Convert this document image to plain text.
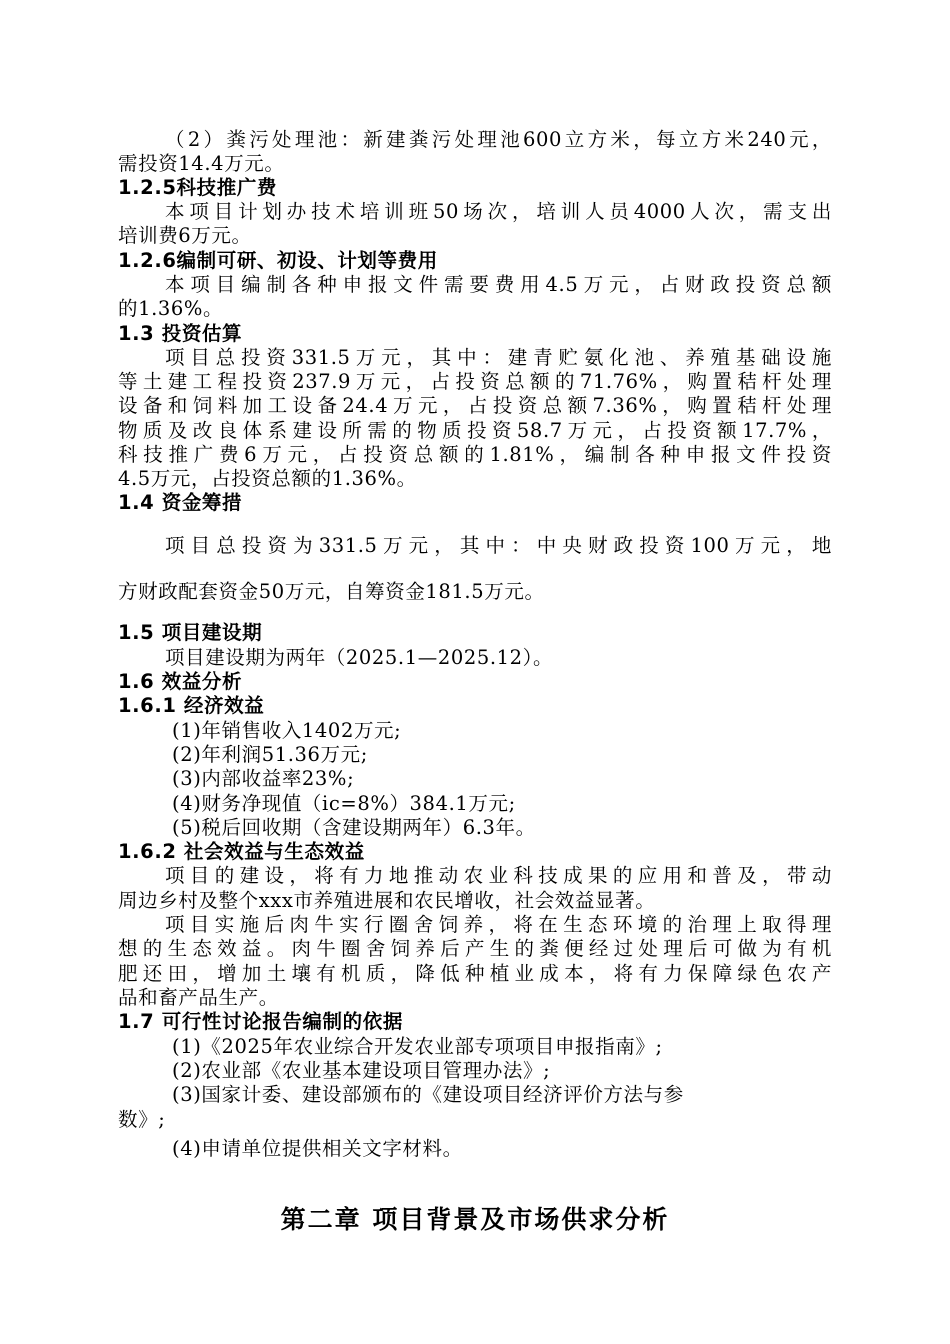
（2）粪污处理池：新建粪污处理池600立方米，每立方米240元，

需投资14.4万元。

1.2.5科技推广费

本项目计划办技术培训班50场次，培训人员4000人次，需支出

培训费6万元。

1.2.6编制可研、初设、计划等费用

本项目编制各种申报文件需要费用4.5万元，占财政投资总额

的1.36%。

1.3 投资估算

项目总投资331.5万元，其中：建青贮氨化池、养殖基础设施

等土建工程投资237.9万元，占投资总额的71.76%，购置秸杆处理

设备和饲料加工设备24.4万元，占投资总额7.36%，购置秸杆处理

物质及改良体系建设所需的物质投资58.7万元，占投资额17.7%，

科技推广费6万元，占投资总额的1.81%，编制各种申报文件投资

4.5万元，占投资总额的1.36%。

1.4 资金筹措

项目总投资为331.5万元，其中：中央财政投资100万元，地

方财政配套资金50万元，自筹资金181.5万元。

1.5 项目建设期

项目建设期为两年（2025.1—2025.12）。

1.6 效益分析

1.6.1 经济效益

(1)年销售收入1402万元;

(2)年利润51.36万元;

(3)内部收益率23%;

(4)财务净现值（ic=8%）384.1万元;

(5)税后回收期（含建设期两年）6.3年。

1.6.2 社会效益与生态效益

项目的建设，将有力地推动农业科技成果的应用和普及，带动

周边乡村及整个xxx市养殖进展和农民增收，社会效益显著。

项目实施后肉牛实行圈舍饲养，将在生态环境的治理上取得理

想的生态效益。肉牛圈舍饲养后产生的粪便经过处理后可做为有机

肥还田，增加土壤有机质，降低种植业成本，将有力保障绿色农产

品和畜产品生产。

1.7 可行性讨论报告编制的依据

(1)《2025年农业综合开发农业部专项项目申报指南》;

(2)农业部《农业基本建设项目管理办法》;

(3)国家计委、建设部颁布的《建设项目经济评价方法与参

数》;

(4)申请单位提供相关文字材料。

第二章 项目背景及市场供求分析
